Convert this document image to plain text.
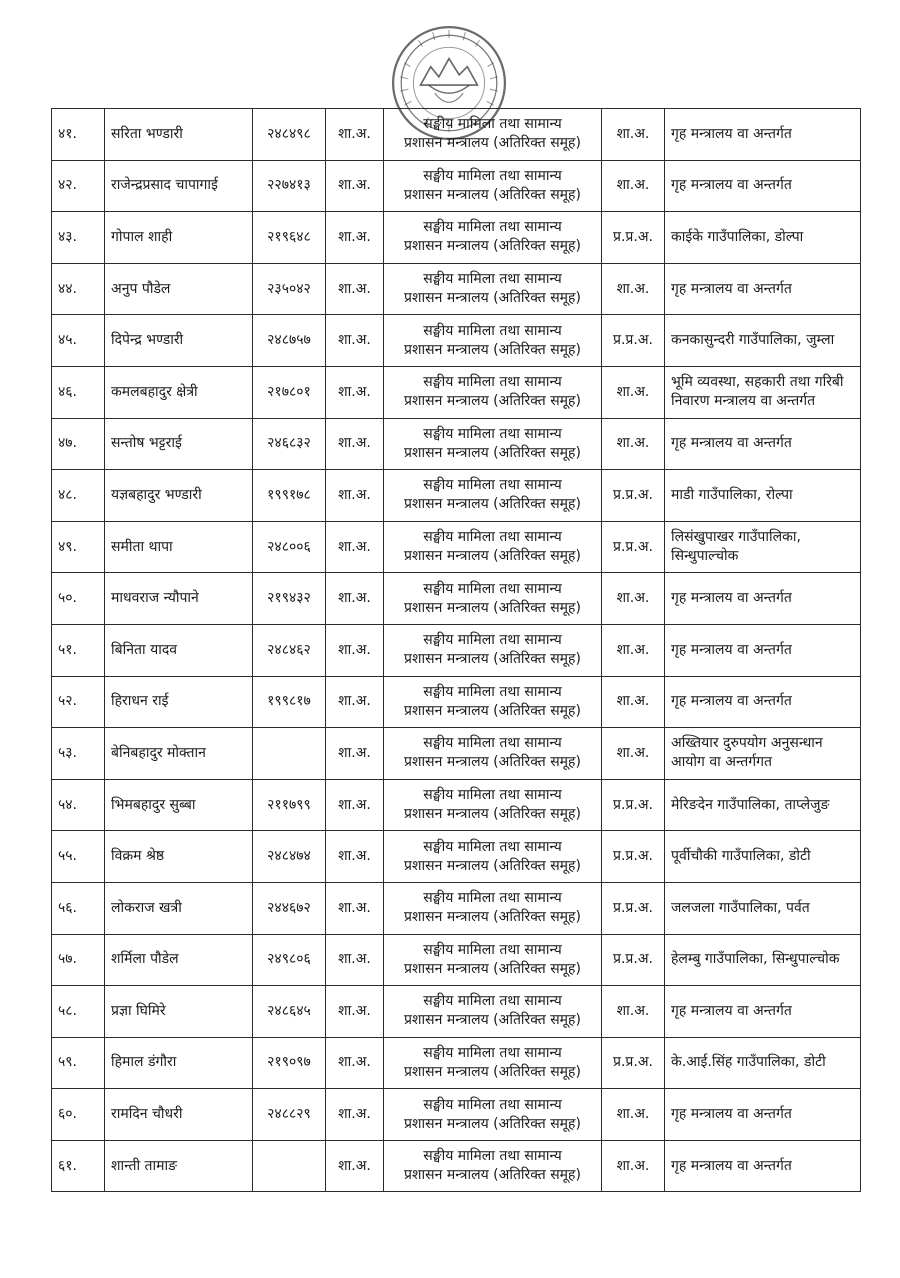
४१.	सरिता भण्डारी	२४८४९८	शा.अ.	सङ्घीय मामिला तथा सामान्य
प्रशासन मन्त्रालय (अतिरिक्त समूह)	शा.अ.	गृह मन्त्रालय वा अन्तर्गत

४२.	राजेन्द्रप्रसाद चापागाई	२२७४१३	शा.अ.	सङ्घीय मामिला तथा सामान्य
प्रशासन मन्त्रालय (अतिरिक्त समूह)	शा.अ.	गृह मन्त्रालय वा अन्तर्गत

४३.	गोपाल शाही	२१९६४८	शा.अ.	सङ्घीय मामिला तथा सामान्य
प्रशासन मन्त्रालय (अतिरिक्त समूह)	प्र.प्र.अ.	काईके गाउँपालिका, डोल्पा

४४.	अनुप पौडेल	२३५०४२	शा.अ.	सङ्घीय मामिला तथा सामान्य
प्रशासन मन्त्रालय (अतिरिक्त समूह)	शा.अ.	गृह मन्त्रालय वा अन्तर्गत

४५.	दिपेन्द्र भण्डारी	२४८७५७	शा.अ.	सङ्घीय मामिला तथा सामान्य
प्रशासन मन्त्रालय (अतिरिक्त समूह)	प्र.प्र.अ.	कनकासुन्दरी गाउँपालिका, जुम्ला

४६.	कमलबहादुर क्षेत्री	२१७८०१	शा.अ.	सङ्घीय मामिला तथा सामान्य
प्रशासन मन्त्रालय (अतिरिक्त समूह)	शा.अ.	भूमि व्यवस्था, सहकारी तथा गरिबी
निवारण मन्त्रालय वा अन्तर्गत

४७.	सन्तोष भट्टराई	२४६८३२	शा.अ.	सङ्घीय मामिला तथा सामान्य
प्रशासन मन्त्रालय (अतिरिक्त समूह)	शा.अ.	गृह मन्त्रालय वा अन्तर्गत

४८.	यज्ञबहादुर भण्डारी	१९९१७८	शा.अ.	सङ्घीय मामिला तथा सामान्य
प्रशासन मन्त्रालय (अतिरिक्त समूह)	प्र.प्र.अ.	माडी गाउँपालिका, रोल्पा

४९.	समीता थापा	२४८००६	शा.अ.	सङ्घीय मामिला तथा सामान्य
प्रशासन मन्त्रालय (अतिरिक्त समूह)	प्र.प्र.अ.	लिसंखुपाखर गाउँपालिका,
सिन्धुपाल्चोक

५०.	माधवराज न्यौपाने	२१९४३२	शा.अ.	सङ्घीय मामिला तथा सामान्य
प्रशासन मन्त्रालय (अतिरिक्त समूह)	शा.अ.	गृह मन्त्रालय वा अन्तर्गत

५१.	बिनिता यादव	२४८४६२	शा.अ.	सङ्घीय मामिला तथा सामान्य
प्रशासन मन्त्रालय (अतिरिक्त समूह)	शा.अ.	गृह मन्त्रालय वा अन्तर्गत

५२.	हिराधन राई	१९९८१७	शा.अ.	सङ्घीय मामिला तथा सामान्य
प्रशासन मन्त्रालय (अतिरिक्त समूह)	शा.अ.	गृह मन्त्रालय वा अन्तर्गत

५३.	बेनिबहादुर मोक्तान		शा.अ.	सङ्घीय मामिला तथा सामान्य
प्रशासन मन्त्रालय (अतिरिक्त समूह)	शा.अ.	अख्तियार दुरुपयोग अनुसन्धान
आयोग वा अन्तर्गगत

५४.	भिमबहादुर सुब्बा	२११७९९	शा.अ.	सङ्घीय मामिला तथा सामान्य
प्रशासन मन्त्रालय (अतिरिक्त समूह)	प्र.प्र.अ.	मेरिङदेन गाउँपालिका, ताप्लेजुङ

५५.	विक्रम श्रेष्ठ	२४८४७४	शा.अ.	सङ्घीय मामिला तथा सामान्य
प्रशासन मन्त्रालय (अतिरिक्त समूह)	प्र.प्र.अ.	पूर्वीचौकी गाउँपालिका, डोटी

५६.	लोकराज खत्री	२४४६७२	शा.अ.	सङ्घीय मामिला तथा सामान्य
प्रशासन मन्त्रालय (अतिरिक्त समूह)	प्र.प्र.अ.	जलजला गाउँपालिका, पर्वत

५७.	शर्मिला पौडेल	२४९८०६	शा.अ.	सङ्घीय मामिला तथा सामान्य
प्रशासन मन्त्रालय (अतिरिक्त समूह)	प्र.प्र.अ.	हेलम्बु गाउँपालिका, सिन्धुपाल्चोक

५८.	प्रज्ञा घिमिरे	२४८६४५	शा.अ.	सङ्घीय मामिला तथा सामान्य
प्रशासन मन्त्रालय (अतिरिक्त समूह)	शा.अ.	गृह मन्त्रालय वा अन्तर्गत

५९.	हिमाल डंगौरा	२१९०९७	शा.अ.	सङ्घीय मामिला तथा सामान्य
प्रशासन मन्त्रालय (अतिरिक्त समूह)	प्र.प्र.अ.	के.आई.सिंह गाउँपालिका, डोटी

६०.	रामदिन चौधरी	२४८८२९	शा.अ.	सङ्घीय मामिला तथा सामान्य
प्रशासन मन्त्रालय (अतिरिक्त समूह)	शा.अ.	गृह मन्त्रालय वा अन्तर्गत

६१.	शान्ती तामाङ		शा.अ.	सङ्घीय मामिला तथा सामान्य
प्रशासन मन्त्रालय (अतिरिक्त समूह)	शा.अ.	गृह मन्त्रालय वा अन्तर्गत
